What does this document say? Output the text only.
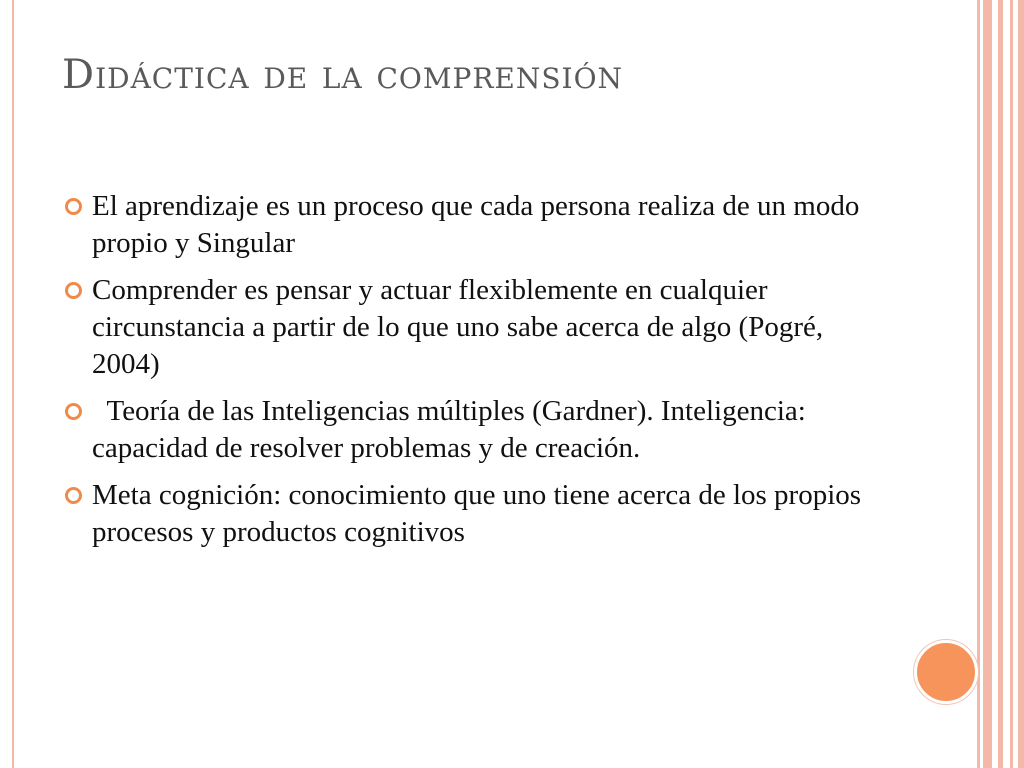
Didáctica de la comprensión
El aprendizaje es un proceso que cada persona realiza de un modo propio y Singular
Comprender es pensar y actuar flexiblemente en cualquier circunstancia a partir de lo que uno sabe acerca de algo (Pogré, 2004)
Teoría de las Inteligencias múltiples (Gardner). Inteligencia: capacidad de resolver problemas y de creación.
Meta cognición: conocimiento que uno tiene acerca de los propios procesos y productos cognitivos
